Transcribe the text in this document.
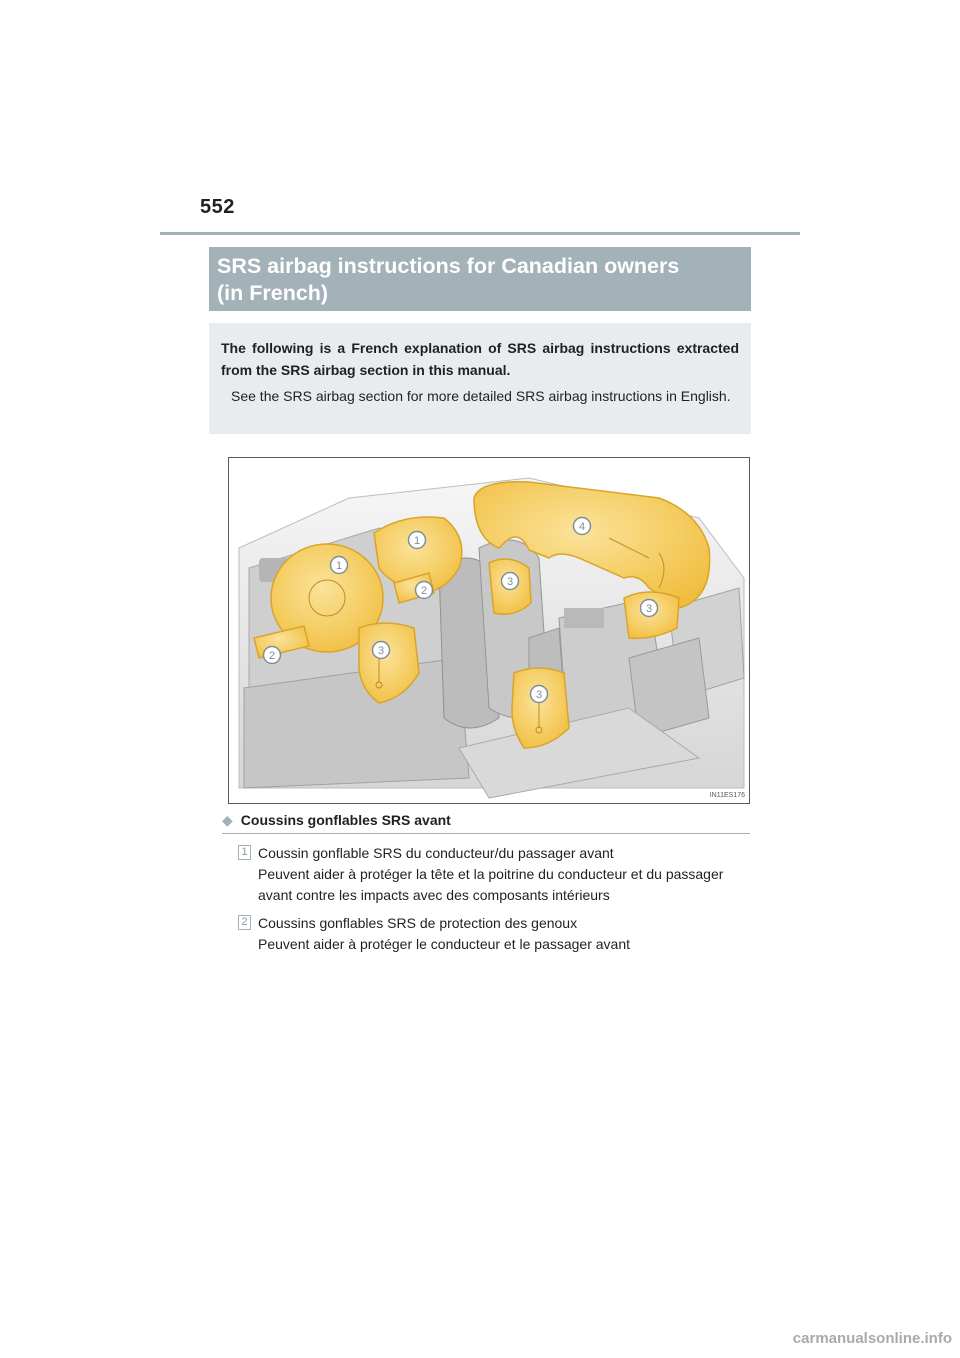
552
SRS airbag instructions for Canadian owners
(in French)
The following is a French explanation of SRS airbag instructions extracted from the SRS airbag section in this manual.
See the SRS airbag section for more detailed SRS airbag instructions in English.
1
1
2
2
3
3
3
3
4
IN11ES176
◆ Coussins gonflables SRS avant
1 Coussin gonflable SRS du conducteur/du passager avant
Peuvent aider à protéger la tête et la poitrine du conducteur et du passager
avant contre les impacts avec des composants intérieurs
2 Coussins gonflables SRS de protection des genoux
Peuvent aider à protéger le conducteur et le passager avant
carmanualsonline.info
